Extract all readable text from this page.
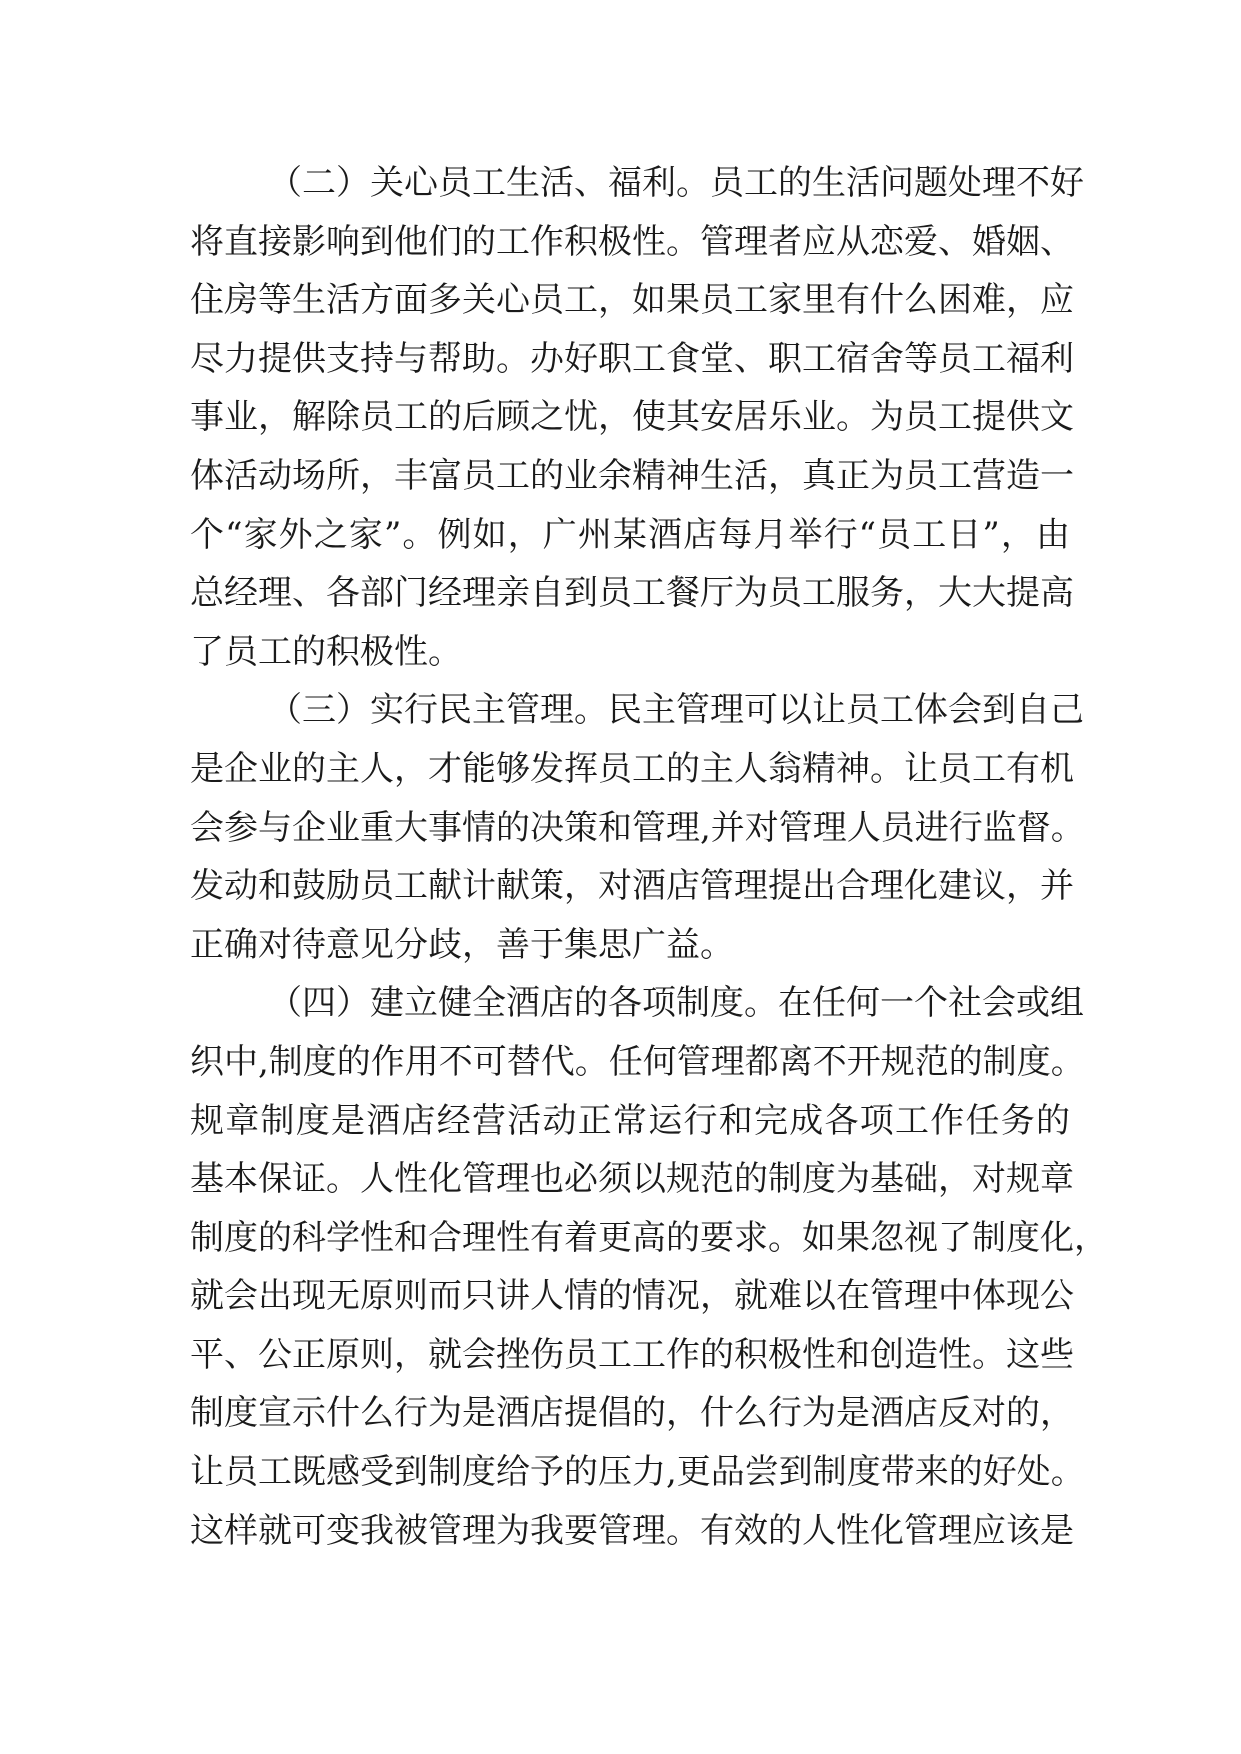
（二）关心员工生活、福利。员工的生活问题处理不好
将直接影响到他们的工作积极性。管理者应从恋爱、婚姻、
住房等生活方面多关心员工，如果员工家里有什么困难，应
尽力提供支持与帮助。办好职工食堂、职工宿舍等员工福利
事业，解除员工的后顾之忧，使其安居乐业。为员工提供文
体活动场所，丰富员工的业余精神生活，真正为员工营造一
个“家外之家”。例如，广州某酒店每月举行“员工日”，由
总经理、各部门经理亲自到员工餐厅为员工服务，大大提高
了员工的积极性。
（三）实行民主管理。民主管理可以让员工体会到自己
是企业的主人，才能够发挥员工的主人翁精神。让员工有机
会参与企业重大事情的决策和管理,并对管理人员进行监督。
发动和鼓励员工献计献策，对酒店管理提出合理化建议，并
正确对待意见分歧，善于集思广益。
（四）建立健全酒店的各项制度。在任何一个社会或组
织中,制度的作用不可替代。任何管理都离不开规范的制度。
规章制度是酒店经营活动正常运行和完成各项工作任务的
基本保证。人性化管理也必须以规范的制度为基础，对规章
制度的科学性和合理性有着更高的要求。如果忽视了制度化，
就会出现无原则而只讲人情的情况，就难以在管理中体现公
平、公正原则，就会挫伤员工工作的积极性和创造性。这些
制度宣示什么行为是酒店提倡的，什么行为是酒店反对的，
让员工既感受到制度给予的压力,更品尝到制度带来的好处。
这样就可变我被管理为我要管理。有效的人性化管理应该是
